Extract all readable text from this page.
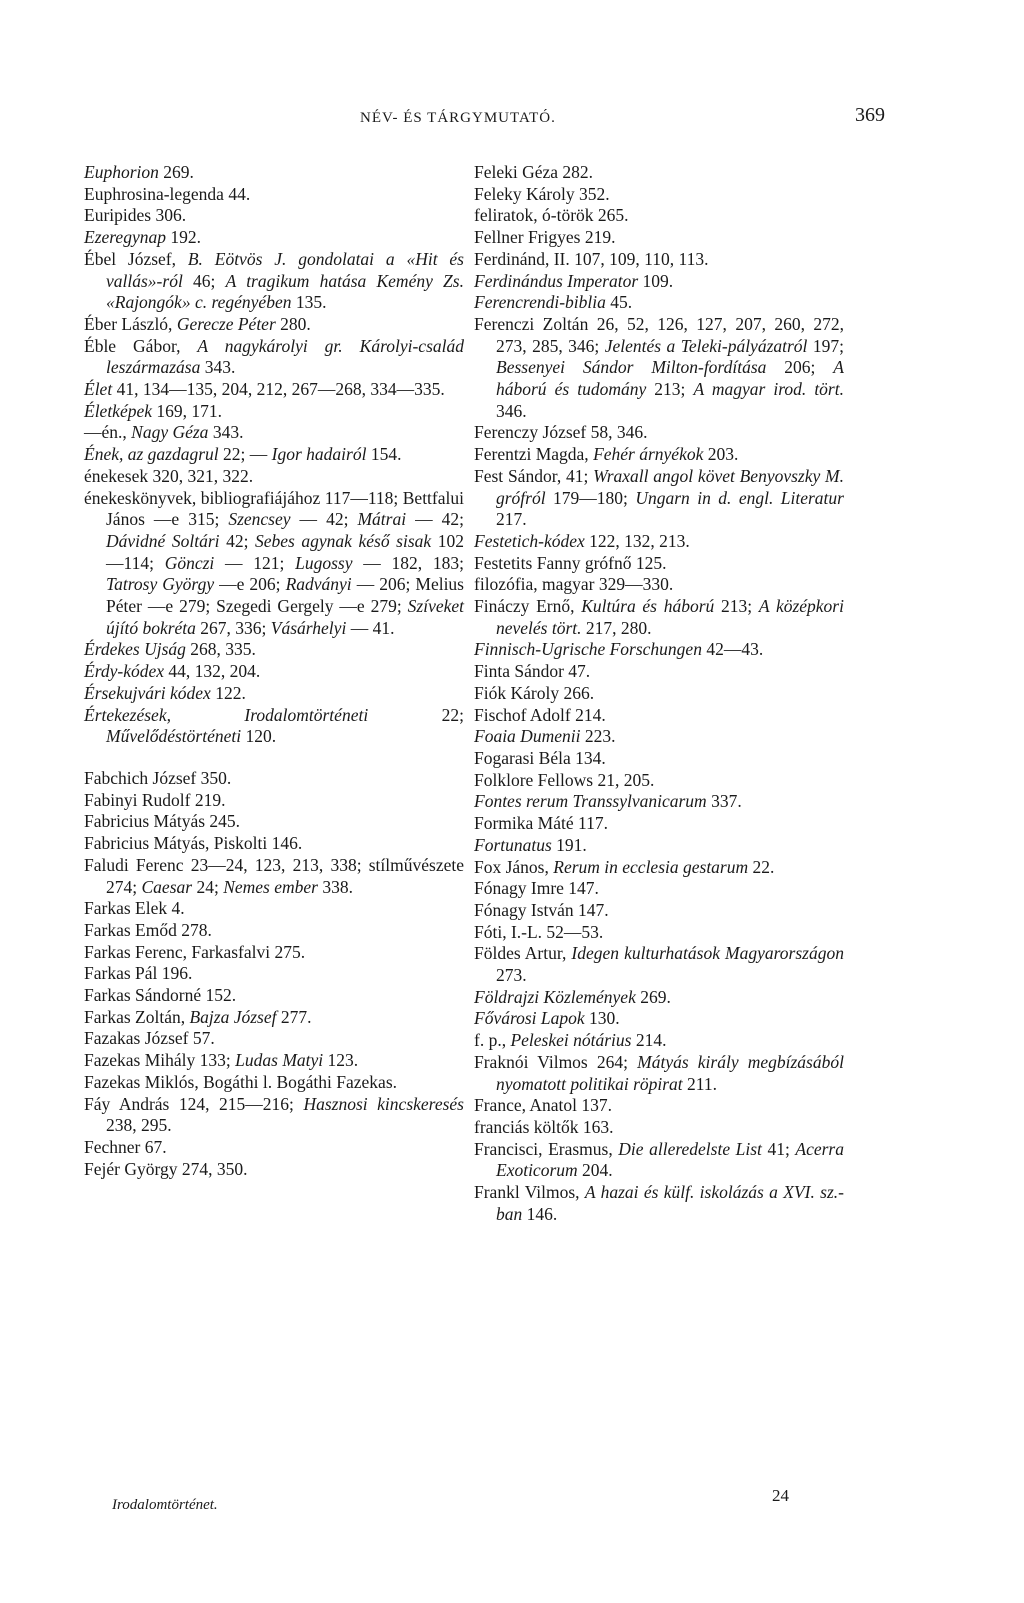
NÉV- ÉS TÁRGYMUTATÓ.	369

Euphorion 269.

Euphrosina-legenda 44.

Euripides 306.

Ezeregynap 192.

Ébel József, B. Eötvös J. gondolatai a «Hit és vallás»-ról 46; A tragikum hatása Kemény Zs. «Rajongók» c. regényében 135.

Éber László, Gerecze Péter 280.

Éble Gábor, A nagykárolyi gr. Károlyi-család leszármazása 343.

Élet 41, 134—135, 204, 212, 267—268, 334—335.

Életképek 169, 171.

—én., Nagy Géza 343.

Ének, az gazdagrul 22; — Igor hadairól 154.

énekesek 320, 321, 322.

énekeskönyvek, bibliografiájához 117—118; Bettfalui János —e 315; Szencsey — 42; Mátrai — 42; Dávidné Soltári 42; Sebes agynak késő sisak 102—114; Gönczi — 121; Lugossy — 182, 183; Tatrosy György —e 206; Radványi — 206; Melius Péter —e 279; Szegedi Gergely —e 279; Szíveket újító bokréta 267, 336; Vásárhelyi — 41.

Érdekes Ujság 268, 335.

Érdy-kódex 44, 132, 204.

Érsekujvári kódex 122.

Értekezések, Irodalomtörténeti 22; Művelődéstörténeti 120.

Fabchich József 350.

Fabinyi Rudolf 219.

Fabricius Mátyás 245.

Fabricius Mátyás, Piskolti 146.

Faludi Ferenc 23—24, 123, 213, 338; stílművészete 274; Caesar 24; Nemes ember 338.

Farkas Elek 4.

Farkas Emőd 278.

Farkas Ferenc, Farkasfalvi 275.

Farkas Pál 196.

Farkas Sándorné 152.

Farkas Zoltán, Bajza József 277.

Fazakas József 57.

Fazekas Mihály 133; Ludas Matyi 123.

Fazekas Miklós, Bogáthi l. Bogáthi Fazekas.

Fáy András 124, 215—216; Hasznosi kincskeresés 238, 295.

Fechner 67.

Fejér György 274, 350.

Feleki Géza 282.

Feleky Károly 352.

feliratok, ó-török 265.

Fellner Frigyes 219.

Ferdinánd, II. 107, 109, 110, 113.

Ferdinándus Imperator 109.

Ferencrendi-biblia 45.

Ferenczi Zoltán 26, 52, 126, 127, 207, 260, 272, 273, 285, 346; Jelentés a Teleki-pályázatról 197; Bessenyei Sándor Milton-fordítása 206; A háború és tudomány 213; A magyar irod. tört. 346.

Ferenczy József 58, 346.

Ferentzi Magda, Fehér árnyékok 203.

Fest Sándor, 41; Wraxall angol követ Benyovszky M. grófról 179—180; Ungarn in d. engl. Literatur 217.

Festetich-kódex 122, 132, 213.

Festetits Fanny grófnő 125.

filozófia, magyar 329—330.

Fináczy Ernő, Kultúra és háború 213; A középkori nevelés tört. 217, 280.

Finnisch-Ugrische Forschungen 42—43.

Finta Sándor 47.

Fiók Károly 266.

Fischof Adolf 214.

Foaia Dumenii 223.

Fogarasi Béla 134.

Folklore Fellows 21, 205.

Fontes rerum Transsylvanicarum 337.

Formika Máté 117.

Fortunatus 191.

Fox János, Rerum in ecclesia gestarum 22.

Fónagy Imre 147.

Fónagy István 147.

Fóti, I.-L. 52—53.

Földes Artur, Idegen kulturhatások Magyarországon 273.

Földrajzi Közlemények 269.

Fővárosi Lapok 130.

f. p., Peleskei nótárius 214.

Fraknói Vilmos 264; Mátyás király megbízásából nyomatott politikai röpirat 211.

France, Anatol 137.

franciás költők 163.

Francisci, Erasmus, Die alleredelste List 41; Acerra Exoticorum 204.

Frankl Vilmos, A hazai és külf. iskolázás a XVI. sz.-ban 146.

Irodalomtörténet.	24
